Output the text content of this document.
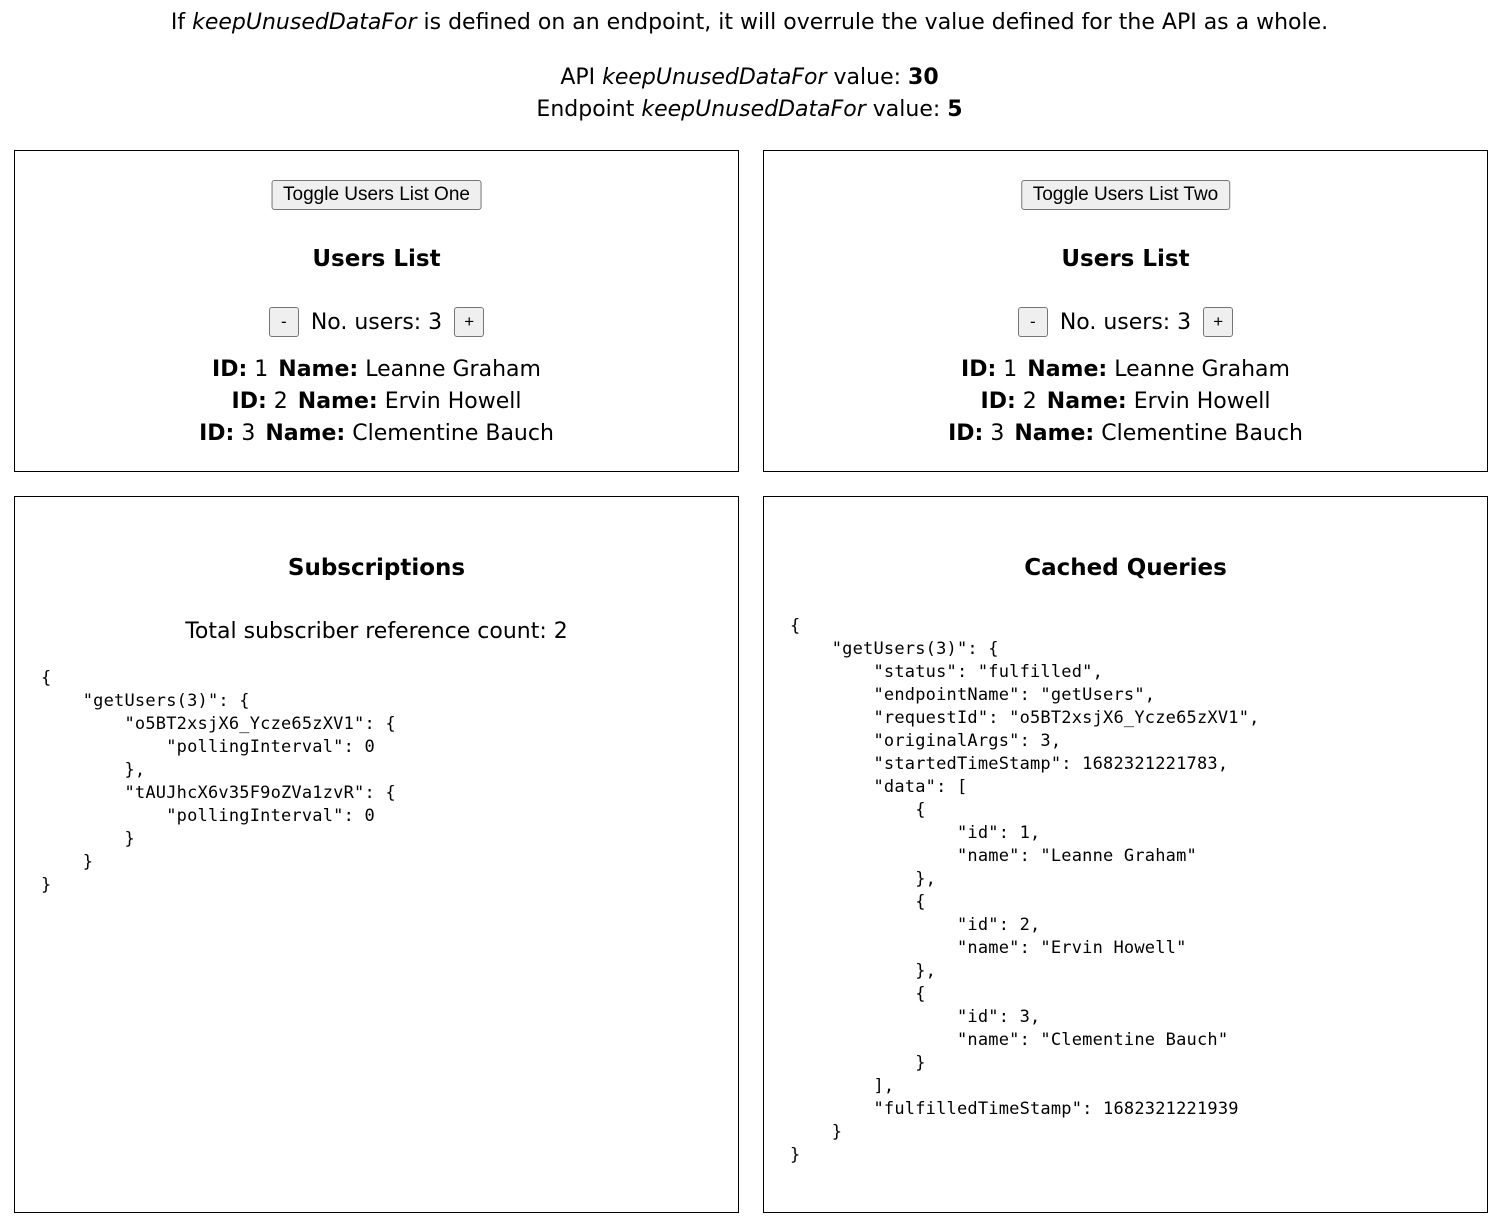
If keepUnusedDataFor is defined on an endpoint, it will overrule the value defined for the API as a whole.
API keepUnusedDataFor value: 30
Endpoint keepUnusedDataFor value: 5
Toggle Users List One
Users List
-	No. users: 3	+
ID: 1 Name: Leanne Graham
ID: 2 Name: Ervin Howell
ID: 3 Name: Clementine Bauch
Toggle Users List Two
Users List
-	No. users: 3	+
ID: 1 Name: Leanne Graham
ID: 2 Name: Ervin Howell
ID: 3 Name: Clementine Bauch
Subscriptions
Total subscriber reference count: 2
{
"getUsers(3)": {
"o5BT2xsjX6_Ycze65zXV1": {
"pollingInterval": 0
},
"tAUJhcX6v35F9oZVa1zvR": {
"pollingInterval": 0
}
}
}
Cached Queries
{
"getUsers(3)": {
"status": "fulfilled",
"endpointName": "getUsers",
"requestId": "o5BT2xsjX6_Ycze65zXV1",
"originalArgs": 3,
"startedTimeStamp": 1682321221783,
"data": [
{
"id": 1,
"name": "Leanne Graham"
},
{
"id": 2,
"name": "Ervin Howell"
},
{
"id": 3,
"name": "Clementine Bauch"
}
],
"fulfilledTimeStamp": 1682321221939
}
}
